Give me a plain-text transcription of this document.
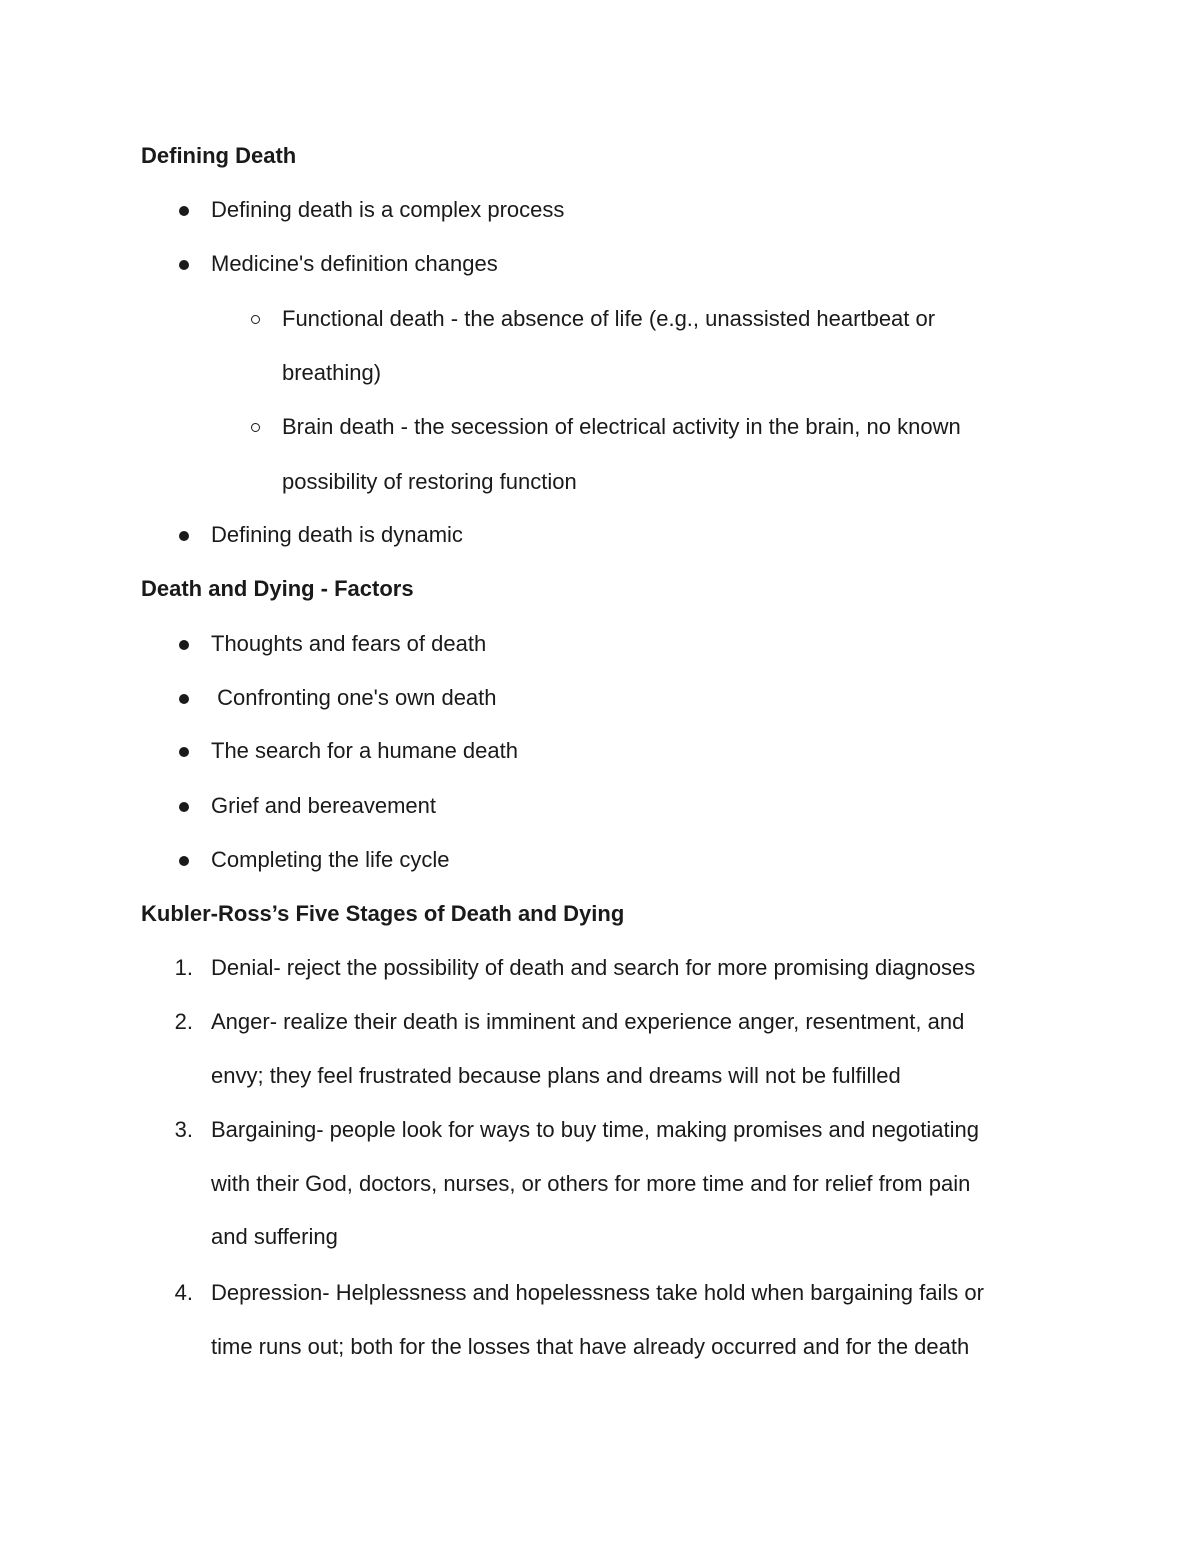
Defining Death
Defining death is a complex process
Medicine's definition changes
Functional death - the absence of life (e.g., unassisted heartbeat or
breathing)
Brain death - the secession of electrical activity in the brain, no known
possibility of restoring function
Defining death is dynamic
Death and Dying - Factors
Thoughts and fears of death
Confronting one's own death
The search for a humane death
Grief and bereavement
Completing the life cycle
Kubler-Ross’s Five Stages of Death and Dying
1. Denial- reject the possibility of death and search for more promising diagnoses
2. Anger- realize their death is imminent and experience anger, resentment, and
envy; they feel frustrated because plans and dreams will not be fulfilled
3. Bargaining- people look for ways to buy time, making promises and negotiating
with their God, doctors, nurses, or others for more time and for relief from pain
and suffering
4. Depression- Helplessness and hopelessness take hold when bargaining fails or
time runs out; both for the losses that have already occurred and for the death
